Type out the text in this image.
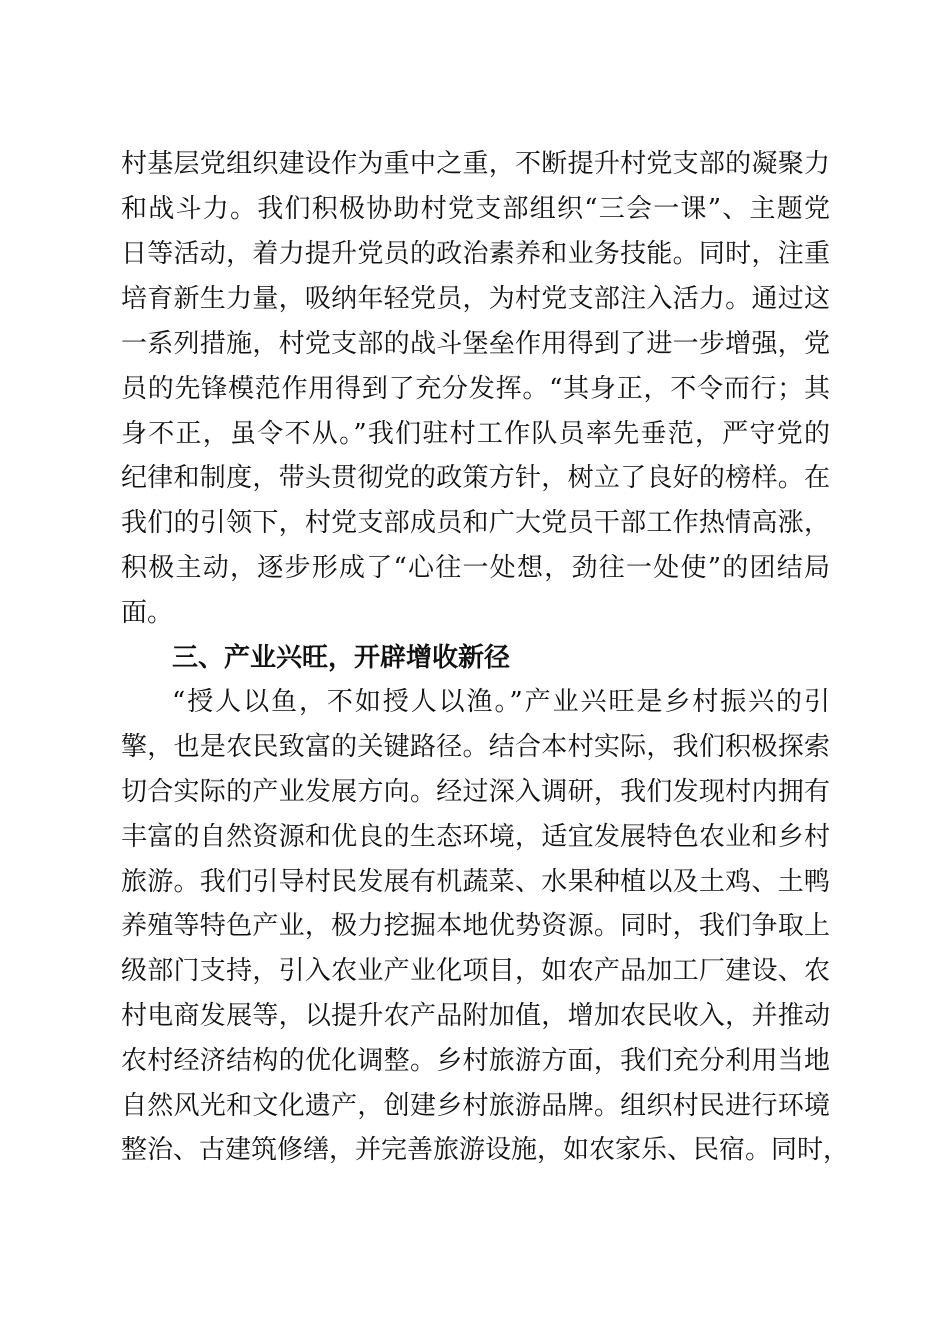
村基层党组织建设作为重中之重，不断提升村党支部的凝聚力
和战斗力。我们积极协助村党支部组织“三会一课”、主题党
日等活动，着力提升党员的政治素养和业务技能。同时，注重
培育新生力量，吸纳年轻党员，为村党支部注入活力。通过这
一系列措施，村党支部的战斗堡垒作用得到了进一步增强，党
员的先锋模范作用得到了充分发挥。“其身正，不令而行；其
身不正，虽令不从。”我们驻村工作队员率先垂范，严守党的
纪律和制度，带头贯彻党的政策方针，树立了良好的榜样。在
我们的引领下，村党支部成员和广大党员干部工作热情高涨，
积极主动，逐步形成了“心往一处想，劲往一处使”的团结局
面。
三、产业兴旺，开辟增收新径
“授人以鱼，不如授人以渔。”产业兴旺是乡村振兴的引
擎，也是农民致富的关键路径。结合本村实际，我们积极探索
切合实际的产业发展方向。经过深入调研，我们发现村内拥有
丰富的自然资源和优良的生态环境，适宜发展特色农业和乡村
旅游。我们引导村民发展有机蔬菜、水果种植以及土鸡、土鸭
养殖等特色产业，极力挖掘本地优势资源。同时，我们争取上
级部门支持，引入农业产业化项目，如农产品加工厂建设、农
村电商发展等，以提升农产品附加值，增加农民收入，并推动
农村经济结构的优化调整。乡村旅游方面，我们充分利用当地
自然风光和文化遗产，创建乡村旅游品牌。组织村民进行环境
整治、古建筑修缮，并完善旅游设施，如农家乐、民宿。同时，
